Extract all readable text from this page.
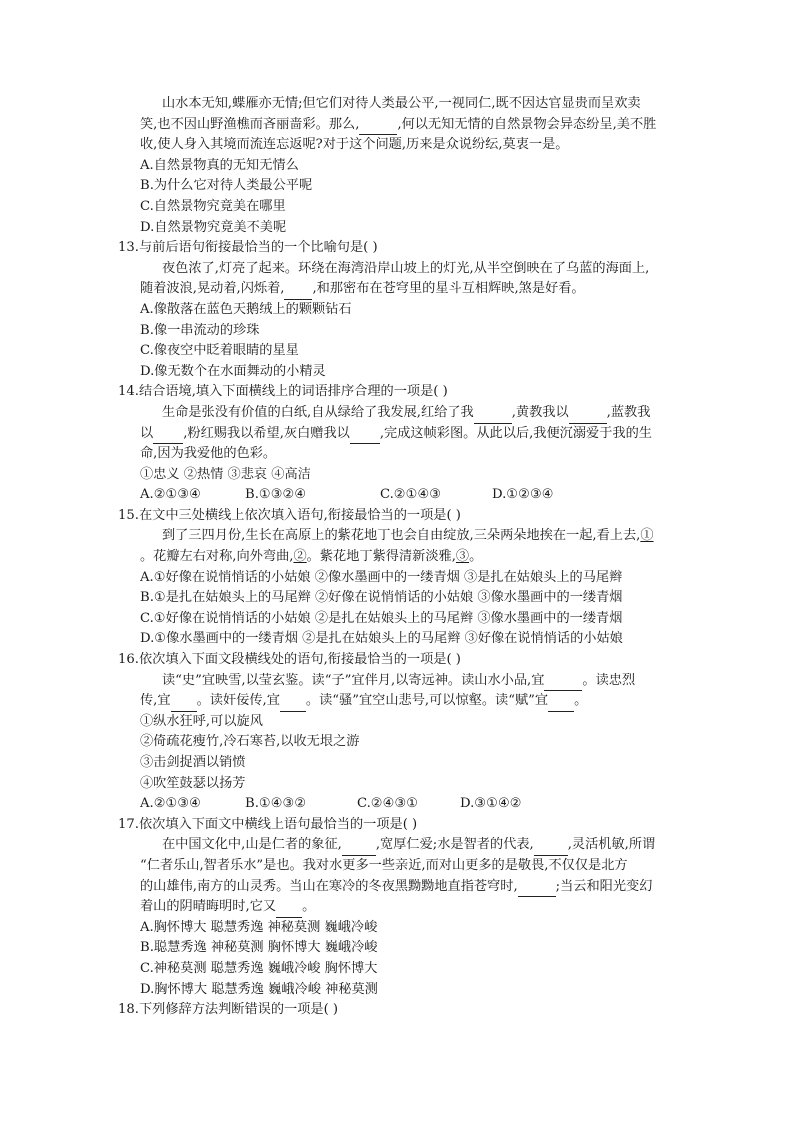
山水本无知,蝶雁亦无情;但它们对待人类最公平,一视同仁,既不因达官显贵而呈欢卖
笑,也不因山野渔樵而吝丽啬彩。那么,	,何以无知无情的自然景物会异态纷呈,美不胜
收,使人身入其境而流连忘返呢?对于这个问题,历来是众说纷纭,莫衷一是。
A.自然景物真的无知无情么
B.为什么它对待人类最公平呢
C.自然景物究竟美在哪里
D.自然景物究竟美不美呢
13.与前后语句衔接最恰当的一个比喻句是( )
夜色浓了,灯亮了起来。环绕在海湾沿岸山坡上的灯光,从半空倒映在了乌蓝的海面上,
随着波浪,晃动着,闪烁着, ,和那密布在苍穹里的星斗互相辉映,煞是好看。
A.像散落在蓝色天鹅绒上的颗颗钻石
B.像一串流动的珍珠
C.像夜空中眨着眼睛的星星
D.像无数个在水面舞动的小精灵
14.结合语境,填入下面横线上的词语排序合理的一项是( )
生命是张没有价值的白纸,自从绿给了我发展,红给了我	,黄教我以	,蓝教我
以 ,粉红赐我以希望,灰白赠我以 ,完成这帧彩图。从此以后,我便沉溺爱于我的生
命,因为我爱他的色彩。
①忠义 ②热情 ③悲哀 ④高洁
A.②①③④	B.①③②④	C.②①④③	D.①②③④
15.在文中三处横线上依次填入语句,衔接最恰当的一项是( )
到了三四月份,生长在高原上的紫花地丁也会自由绽放,三朵两朵地挨在一起,看上去,①
。花瓣左右对称,向外弯曲,②。紫花地丁紫得清新淡雅,③。
A.①好像在说悄悄话的小姑娘 ②像水墨画中的一缕青烟 ③是扎在姑娘头上的马尾辫
B.①是扎在姑娘头上的马尾辫 ②好像在说悄悄话的小姑娘 ③像水墨画中的一缕青烟
C.①好像在说悄悄话的小姑娘 ②是扎在姑娘头上的马尾辫 ③像水墨画中的一缕青烟
D.①像水墨画中的一缕青烟 ②是扎在姑娘头上的马尾辫 ③好像在说悄悄话的小姑娘
16.依次填入下面文段横线处的语句,衔接最恰当的一项是( )
读“史”宜映雪,以莹玄鉴。读“子”宜伴月,以寄远神。读山水小品,宜	。读忠烈
传,宜 。读奸佞传,宜 。读“骚”宜空山悲号,可以惊壑。读“赋”宜 。
①纵水狂呼,可以旋风
②倚疏花瘦竹,冷石寒苔,以收无垠之游
③击剑捉酒以销愤
④吹笙鼓瑟以扬芳
A.②①③④	B.①④③②	C.②④③①	D.③①④②
17.依次填入下面文中横线上语句最恰当的一项是( )
在中国文化中,山是仁者的象征,	,宽厚仁爱;水是智者的代表,	,灵活机敏,所谓
“仁者乐山,智者乐水”是也。我对水更多一些亲近,而对山更多的是敬畏,不仅仅是北方
的山雄伟,南方的山灵秀。当山在寒冷的冬夜黑黝黝地直指苍穹时,	;当云和阳光变幻
着山的阴晴晦明时,它又 。
A.胸怀博大 聪慧秀逸 神秘莫测 巍峨冷峻
B.聪慧秀逸 神秘莫测 胸怀博大 巍峨冷峻
C.神秘莫测 聪慧秀逸 巍峨冷峻 胸怀博大
D.胸怀博大 聪慧秀逸 巍峨冷峻 神秘莫测
18.下列修辞方法判断错误的一项是( )
